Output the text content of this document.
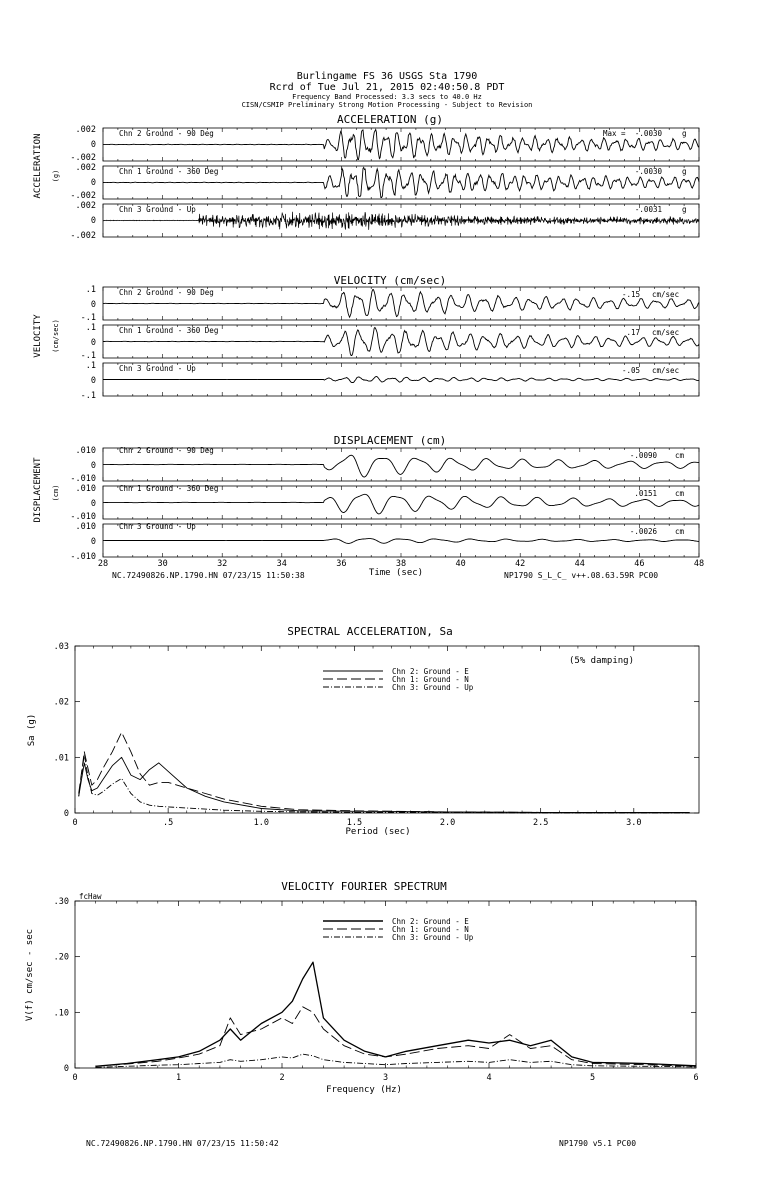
Burlingame FS 36 USGS Sta 1790
Rcrd of Tue Jul 21, 2015 02:40:50.8 PDT
Frequency Band Processed: 3.3 secs to 40.0 Hz
CISN/CSMIP Preliminary Strong Motion Processing - Subject to Revision
ACCELERATION (g)
ACCELERATION (g)
.002
0
-.002
.002
0
-.002
.002
0
-.002
Chn 2 Ground - 90 Deg
Chn 1 Ground - 360 Deg
Chn 3 Ground - Up
Max = -.0030	g
-.0030	g
-.0031	g
VELOCITY (cm/sec)
VELOCITY (cm/sec)
.1
0
-.1
.1
0
-.1
.1
0
-.1
Chn 2 Ground - 90 Deg
Chn 1 Ground - 360 Deg
Chn 3 Ground - Up
-.15 cm/sec
.17 cm/sec
-.05 cm/sec
DISPLACEMENT (cm)
DISPLACEMENT (cm)
.010
0
-.010
.010
0
-.010
.010
0
-.010
Chn 2 Ground - 90 Deg
Chn 1 Ground - 360 Deg
Chn 3 Ground - Up
-.0090 cm
.0151 cm
-.0026 cm
28	30	32	34	36	38	40	42	44	46	48
Time (sec)
NC.72490826.NP.1790.HN 07/23/15 11:50:38	NP1790 S_L_C_ v++.08.63.59R PC00
SPECTRAL ACCELERATION, Sa
Sa (g)
Period (sec)
(5% damping)
0	.5	1.0	1.5	2.0	2.5	3.0
0
.01
.02
.03
Chn 2: Ground - E
Chn 1: Ground - N
Chn 3: Ground - Up
VELOCITY FOURIER SPECTRUM
fcHaw
V(f) cm/sec - sec
Frequency (Hz)
0	1	2	3	4	5	6
0
.10
.20
.30
Chn 2: Ground - E
Chn 1: Ground - N
Chn 3: Ground - Up
NC.72490826.NP.1790.HN 07/23/15 11:50:42	NP1790 v5.1 PC00
